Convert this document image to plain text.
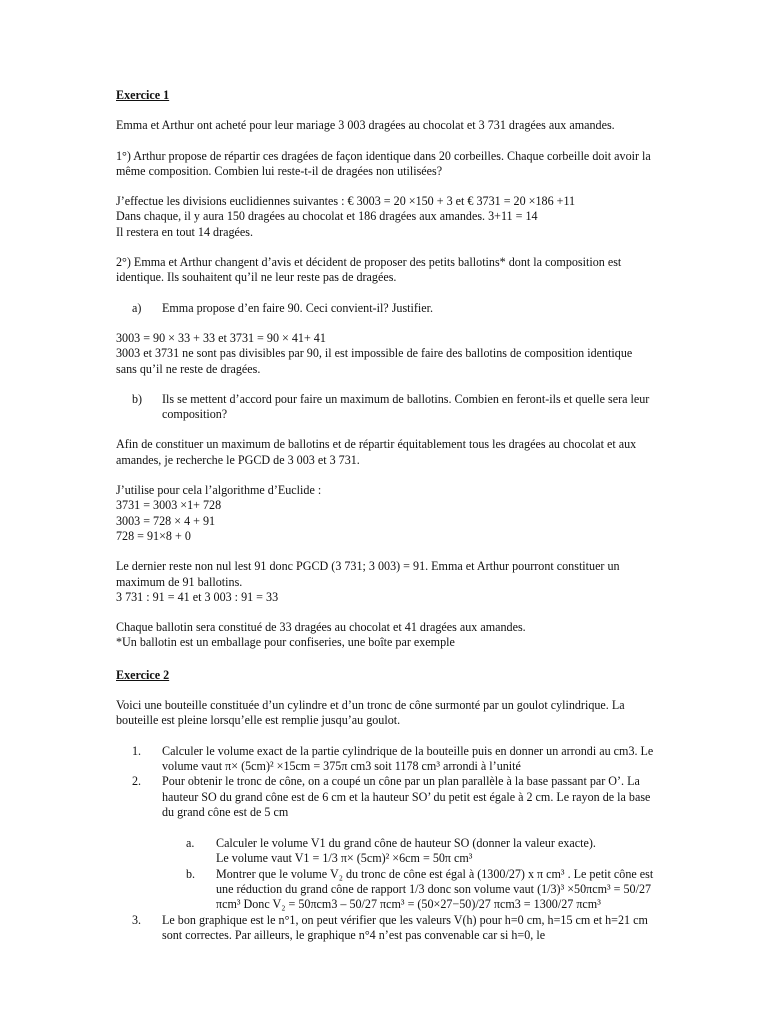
Exercice 1

Emma et Arthur ont acheté pour leur mariage 3 003 dragées au chocolat et 3 731 dragées aux amandes.

1°) Arthur propose de répartir ces dragées de façon identique dans 20 corbeilles. Chaque corbeille doit avoir la même composition. Combien lui reste-t-il de dragées non utilisées?

J’effectue les divisions euclidiennes suivantes : € 3003 = 20 ×150 + 3 et € 3731 = 20 ×186 +11
Dans chaque, il y aura 150 dragées au chocolat et 186 dragées aux amandes. 3+11 = 14
Il restera en tout 14 dragées.

2°) Emma et Arthur changent d’avis et décident de proposer des petits ballotins* dont la composition est identique. Ils souhaitent qu’il ne leur reste pas de dragées.

a)	Emma propose d’en faire 90. Ceci convient-il? Justifier.

3003 = 90 × 33 + 33 et 3731 = 90 × 41+ 41
3003 et 3731 ne sont pas divisibles par 90, il est impossible de faire des ballotins de composition identique sans qu’il ne reste de dragées.

b)	Ils se mettent d’accord pour faire un maximum de ballotins. Combien en feront-ils et quelle sera leur composition?

Afin de constituer un maximum de ballotins et de répartir équitablement tous les dragées au chocolat et aux amandes, je recherche le PGCD de 3 003 et 3 731.

J’utilise pour cela l’algorithme d’Euclide :
3731 = 3003 ×1+ 728
3003 = 728 × 4 + 91
728 = 91×8 + 0

Le dernier reste non nul lest 91 donc PGCD (3 731; 3 003) = 91. Emma et Arthur pourront constituer un maximum de 91 ballotins.
3 731 : 91 = 41 et 3 003 : 91 = 33

Chaque ballotin sera constitué de 33 dragées au chocolat et 41 dragées aux amandes.
*Un ballotin est un emballage pour confiseries, une boîte par exemple

Exercice 2

Voici une bouteille constituée d’un cylindre et d’un tronc de cône surmonté par un goulot cylindrique. La bouteille est pleine lorsqu’elle est remplie jusqu’au goulot.

1.	Calculer le volume exact de la partie cylindrique de la bouteille puis en donner un arrondi au cm3. Le volume vaut π× (5cm)² ×15cm = 375π cm3 soit 1178 cm³ arrondi à l’unité
2.	Pour obtenir le tronc de cône, on a coupé un cône par un plan parallèle à la base passant par O’. La hauteur SO du grand cône est de 6 cm et la hauteur SO’ du petit est égale à 2 cm. Le rayon de la base du grand cône est de 5 cm
a.	Calculer le volume V1 du grand cône de hauteur SO (donner la valeur exacte).
Le volume vaut V1 = 1/3 π× (5cm)² ×6cm = 50π cm³
b.	Montrer que le volume V₂ du tronc de cône est égal à (1300/27) x π cm³ . Le petit cône est une réduction du grand cône de rapport 1/3 donc son volume vaut (1/3)³ ×50πcm³ = 50/27 πcm³ Donc V₂ = 50πcm3 – 50/27 πcm³ = (50×27−50)/27 πcm3 = 1300/27 πcm³
3.	Le bon graphique est le n°1, on peut vérifier que les valeurs V(h) pour h=0 cm, h=15 cm et h=21 cm sont correctes. Par ailleurs, le graphique n°4 n’est pas convenable car si h=0, le
